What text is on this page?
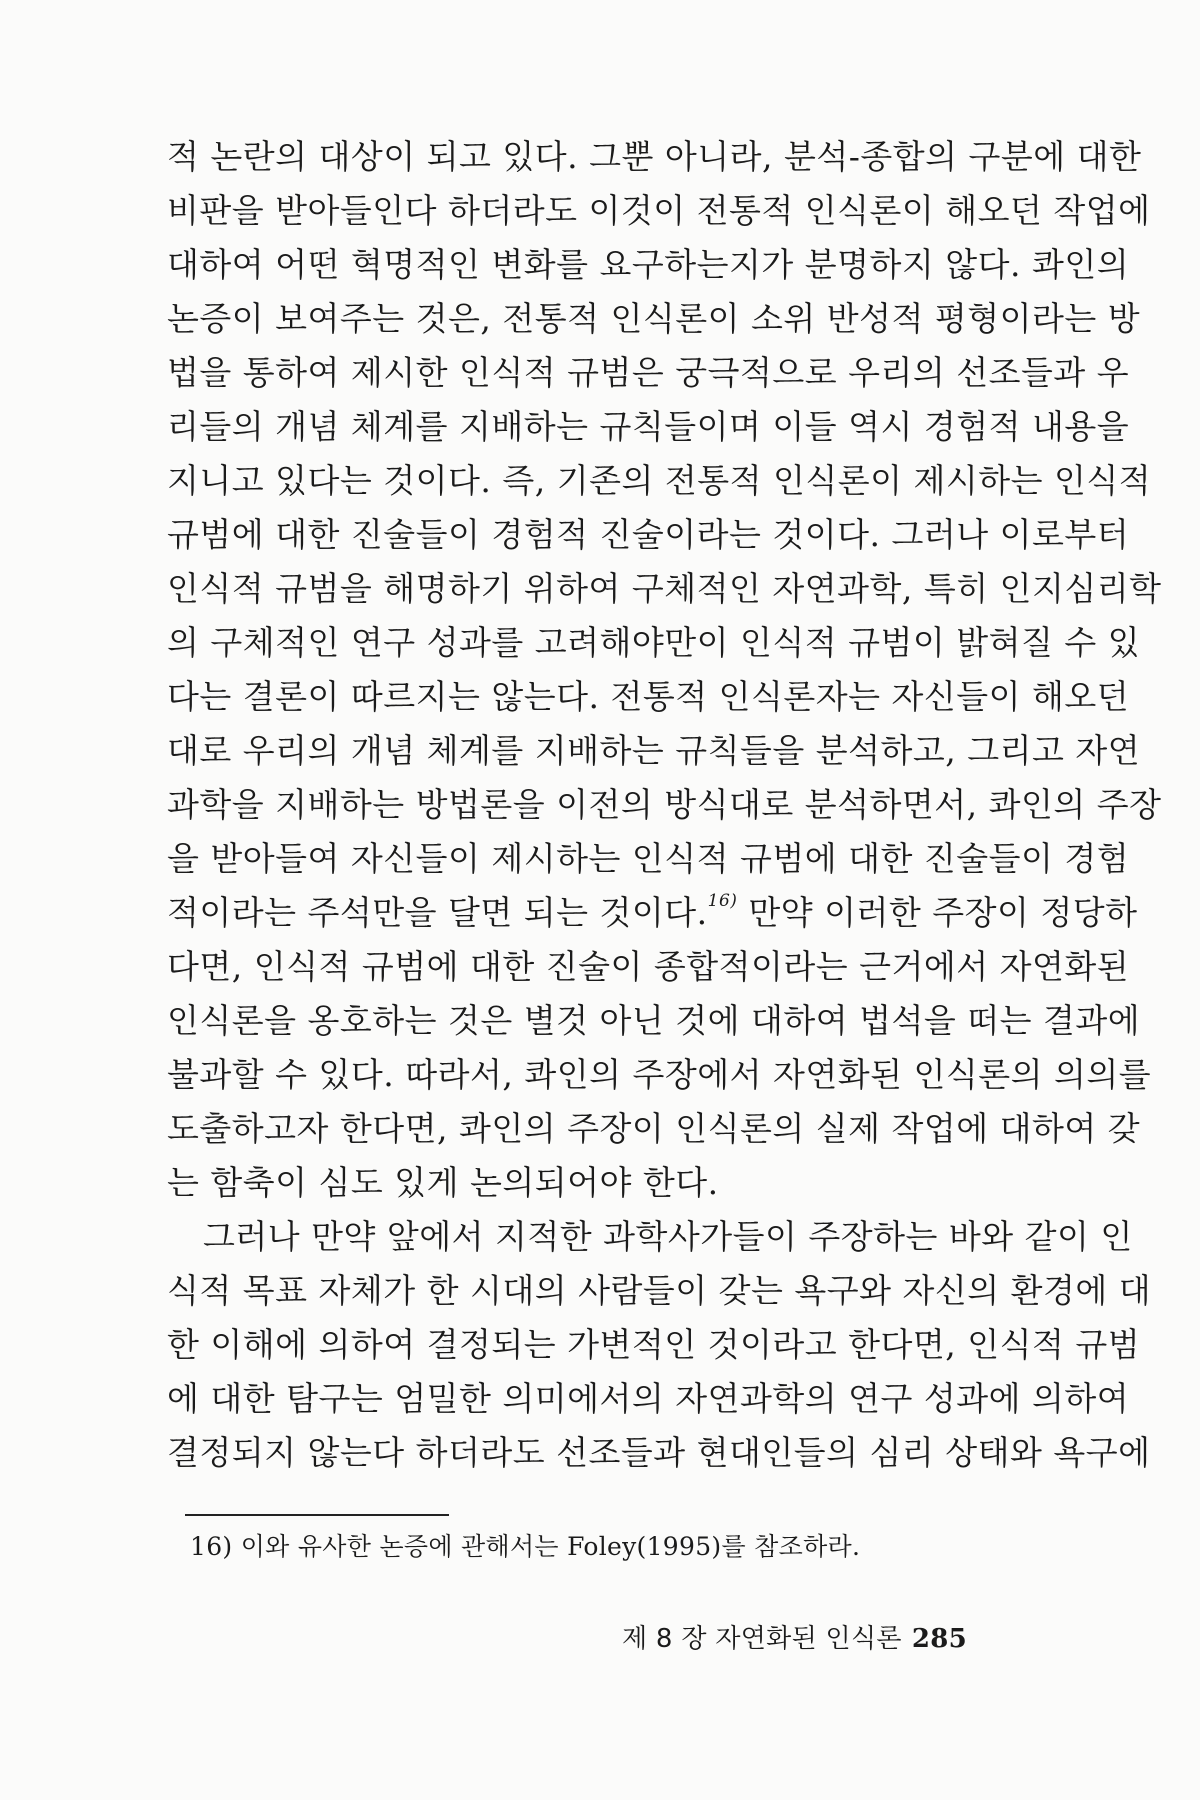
적 논란의 대상이 되고 있다. 그뿐 아니라, 분석-종합의 구분에 대한
비판을 받아들인다 하더라도 이것이 전통적 인식론이 해오던 작업에
대하여 어떤 혁명적인 변화를 요구하는지가 분명하지 않다. 콰인의
논증이 보여주는 것은, 전통적 인식론이 소위 반성적 평형이라는 방
법을 통하여 제시한 인식적 규범은 궁극적으로 우리의 선조들과 우
리들의 개념 체계를 지배하는 규칙들이며 이들 역시 경험적 내용을
지니고 있다는 것이다. 즉, 기존의 전통적 인식론이 제시하는 인식적
규범에 대한 진술들이 경험적 진술이라는 것이다. 그러나 이로부터
인식적 규범을 해명하기 위하여 구체적인 자연과학, 특히 인지심리학
의 구체적인 연구 성과를 고려해야만이 인식적 규범이 밝혀질 수 있
다는 결론이 따르지는 않는다. 전통적 인식론자는 자신들이 해오던
대로 우리의 개념 체계를 지배하는 규칙들을 분석하고, 그리고 자연
과학을 지배하는 방법론을 이전의 방식대로 분석하면서, 콰인의 주장
을 받아들여 자신들이 제시하는 인식적 규범에 대한 진술들이 경험
적이라는 주석만을 달면 되는 것이다.$^{16)}$ 만약 이러한 주장이 정당하
다면, 인식적 규범에 대한 진술이 종합적이라는 근거에서 자연화된
인식론을 옹호하는 것은 별것 아닌 것에 대하여 법석을 떠는 결과에
불과할 수 있다. 따라서, 콰인의 주장에서 자연화된 인식론의 의의를
도출하고자 한다면, 콰인의 주장이 인식론의 실제 작업에 대하여 갖
는 함축이 심도 있게 논의되어야 한다.
그러나 만약 앞에서 지적한 과학사가들이 주장하는 바와 같이 인
식적 목표 자체가 한 시대의 사람들이 갖는 욕구와 자신의 환경에 대
한 이해에 의하여 결정되는 가변적인 것이라고 한다면, 인식적 규범
에 대한 탐구는 엄밀한 의미에서의 자연과학의 연구 성과에 의하여
결정되지 않는다 하더라도 선조들과 현대인들의 심리 상태와 욕구에
16) 이와 유사한 논증에 관해서는 Foley(1995)를 참조하라.
제 8 장 자연화된 인식론 285
